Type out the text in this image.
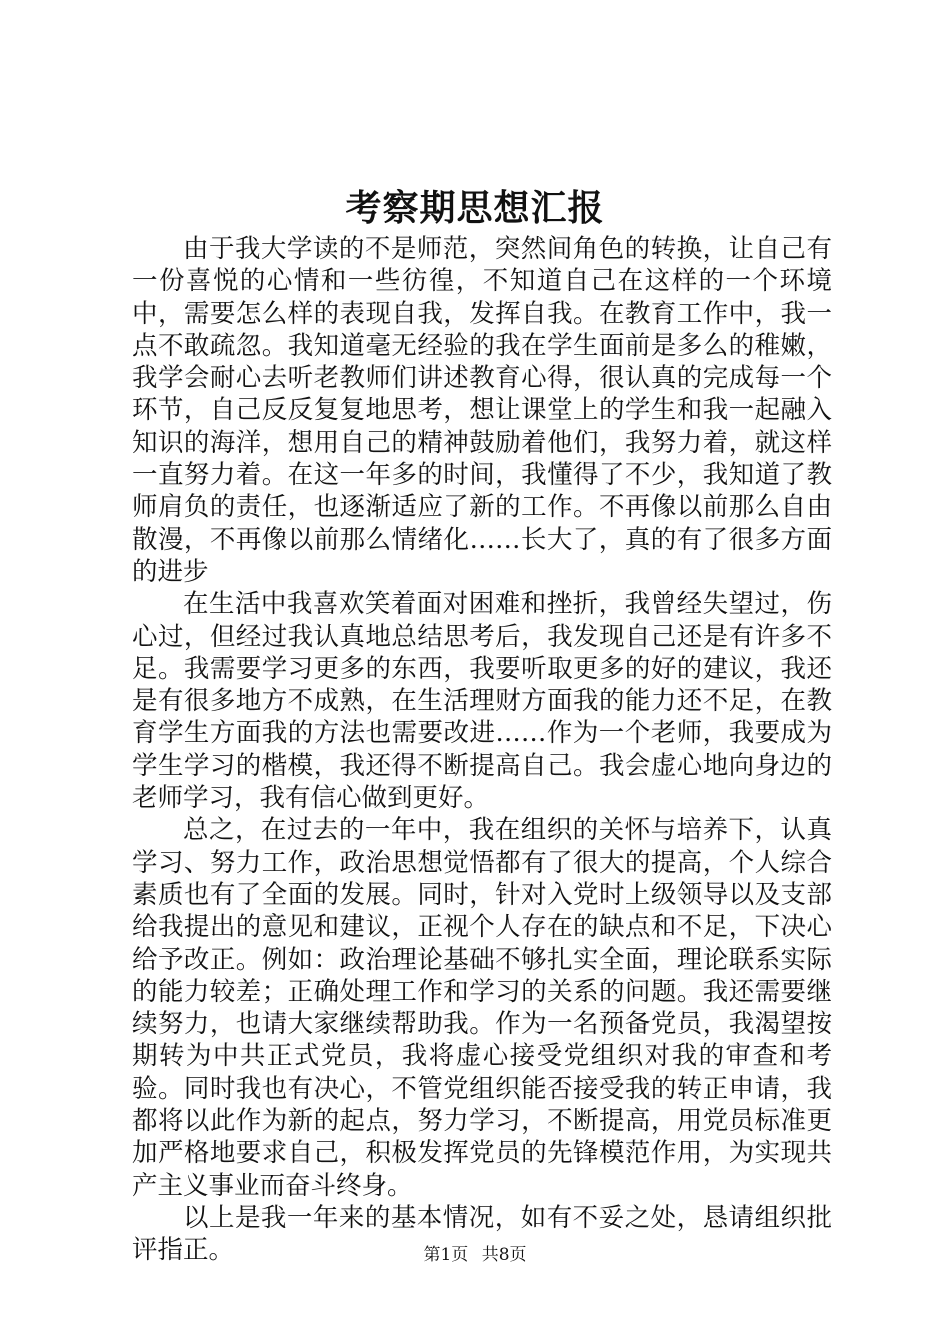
考察期思想汇报

由于我大学读的不是师范，突然间角色的转换，让自己有一份喜悦的心情和一些彷徨，不知道自己在这样的一个环境中，需要怎么样的表现自我，发挥自我。在教育工作中，我一点不敢疏忽。我知道毫无经验的我在学生面前是多么的稚嫩，我学会耐心去听老教师们讲述教育心得，很认真的完成每一个环节，自己反反复复地思考，想让课堂上的学生和我一起融入知识的海洋，想用自己的精神鼓励着他们，我努力着，就这样一直努力着。在这一年多的时间，我懂得了不少，我知道了教师肩负的责任，也逐渐适应了新的工作。不再像以前那么自由散漫，不再像以前那么情绪化……长大了，真的有了很多方面的进步

在生活中我喜欢笑着面对困难和挫折，我曾经失望过，伤心过，但经过我认真地总结思考后，我发现自己还是有许多不足。我需要学习更多的东西，我要听取更多的好的建议，我还是有很多地方不成熟，在生活理财方面我的能力还不足，在教育学生方面我的方法也需要改进……作为一个老师，我要成为学生学习的楷模，我还得不断提高自己。我会虚心地向身边的老师学习，我有信心做到更好。

总之，在过去的一年中，我在组织的关怀与培养下，认真学习、努力工作，政治思想觉悟都有了很大的提高，个人综合素质也有了全面的发展。同时，针对入党时上级领导以及支部给我提出的意见和建议，正视个人存在的缺点和不足，下决心给予改正。例如：政治理论基础不够扎实全面，理论联系实际的能力较差；正确处理工作和学习的关系的问题。我还需要继续努力，也请大家继续帮助我。作为一名预备党员，我渴望按期转为中共正式党员，我将虚心接受党组织对我的审查和考验。同时我也有决心，不管党组织能否接受我的转正申请，我都将以此作为新的起点，努力学习，不断提高，用党员标准更加严格地要求自己，积极发挥党员的先锋模范作用，为实现共产主义事业而奋斗终身。

以上是我一年来的基本情况，如有不妥之处，恳请组织批评指正。	第1页 共8页
